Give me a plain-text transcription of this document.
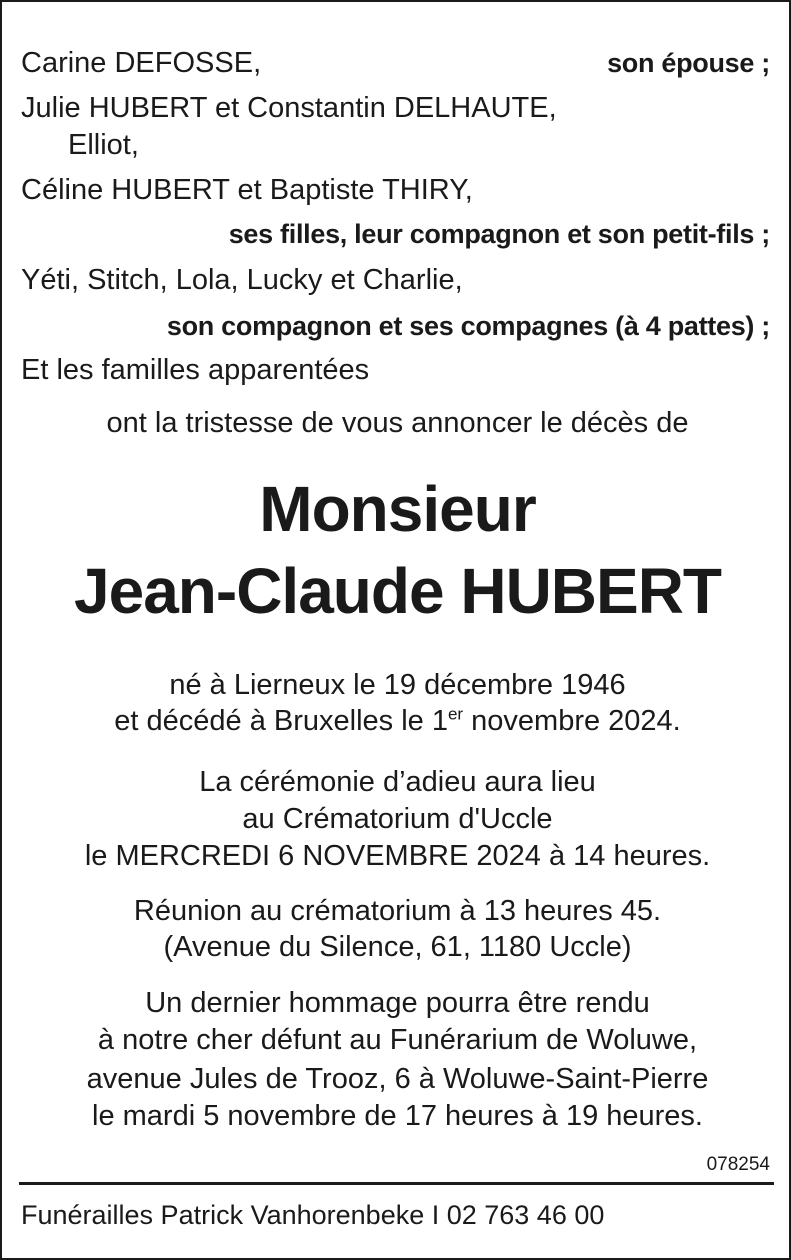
Carine DEFOSSE,	son épouse ;
Julie HUBERT et Constantin DELHAUTE,
Elliot,
Céline HUBERT et Baptiste THIRY,
ses filles, leur compagnon et son petit-fils ;
Yéti, Stitch, Lola, Lucky et Charlie,
son compagnon et ses compagnes (à 4 pattes) ;
Et les familles apparentées
ont la tristesse de vous annoncer le décès de
Monsieur
Jean-Claude HUBERT
né à Lierneux le 19 décembre 1946
et décédé à Bruxelles le 1er novembre 2024.
La cérémonie d’adieu aura lieu
au Crématorium d'Uccle
le MERCREDI 6 NOVEMBRE 2024 à 14 heures.
Réunion au crématorium à 13 heures 45.
(Avenue du Silence, 61, 1180 Uccle)
Un dernier hommage pourra être rendu
à notre cher défunt au Funérarium de Woluwe,
avenue Jules de Trooz, 6 à Woluwe-Saint-Pierre
le mardi 5 novembre de 17 heures à 19 heures.
078254
Funérailles Patrick Vanhorenbeke I 02 763 46 00
